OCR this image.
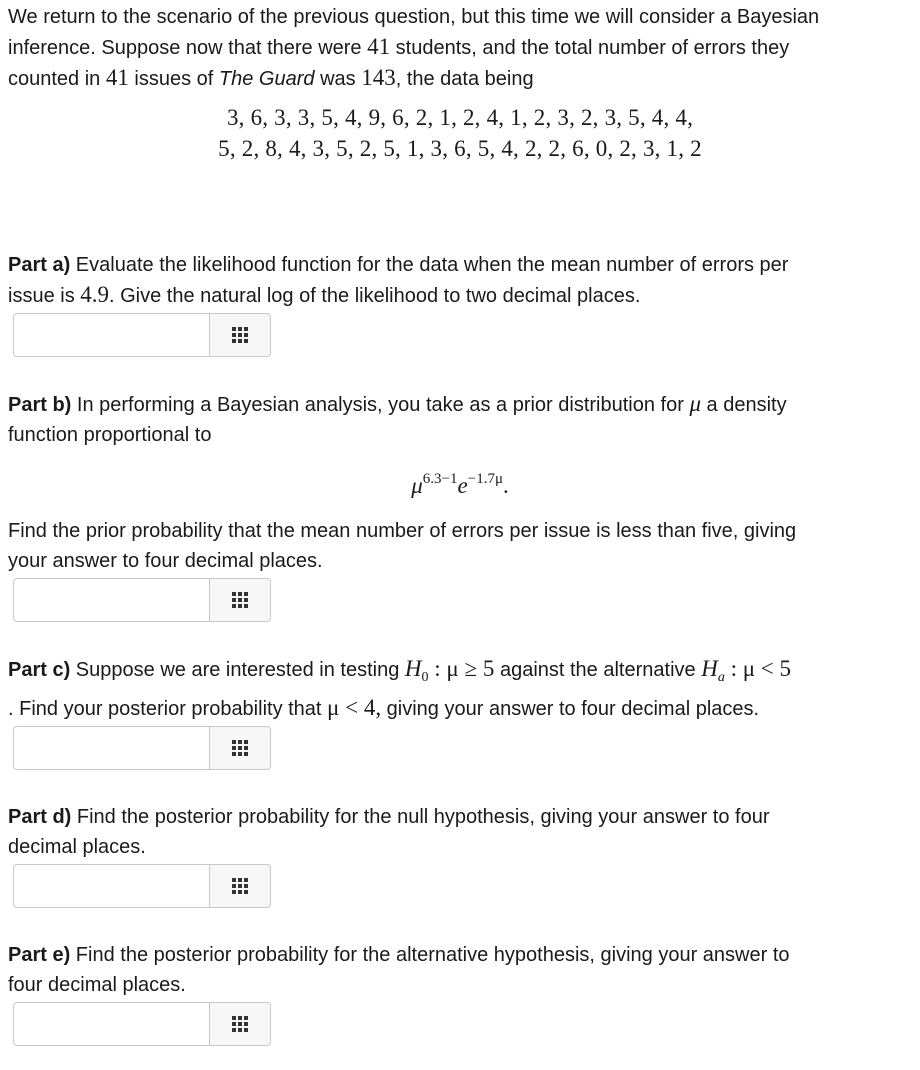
We return to the scenario of the previous question, but this time we will consider a Bayesian

inference. Suppose now that there were 41 students, and the total number of errors they

counted in 41 issues of The Guard was 143, the data being

3, 6, 3, 3, 5, 4, 9, 6, 2, 1, 2, 4, 1, 2, 3, 2, 3, 5, 4, 4,
5, 2, 8, 4, 3, 5, 2, 5, 1, 3, 6, 5, 4, 2, 2, 6, 0, 2, 3, 1, 2

Part a) Evaluate the likelihood function for the data when the mean number of errors per

issue is 4.9. Give the natural log of the likelihood to two decimal places.

Part b) In performing a Bayesian analysis, you take as a prior distribution for μ a density

function proportional to

$\mu^{6.3-1}e^{-1.7\mu}$.

Find the prior probability that the mean number of errors per issue is less than five, giving

your answer to four decimal places.

Part c) Suppose we are interested in testing $H_0$ : μ ≥ 5 against the alternative $H_a$ : μ < 5

. Find your posterior probability that μ < 4, giving your answer to four decimal places.

Part d) Find the posterior probability for the null hypothesis, giving your answer to four

decimal places.

Part e) Find the posterior probability for the alternative hypothesis, giving your answer to

four decimal places.
